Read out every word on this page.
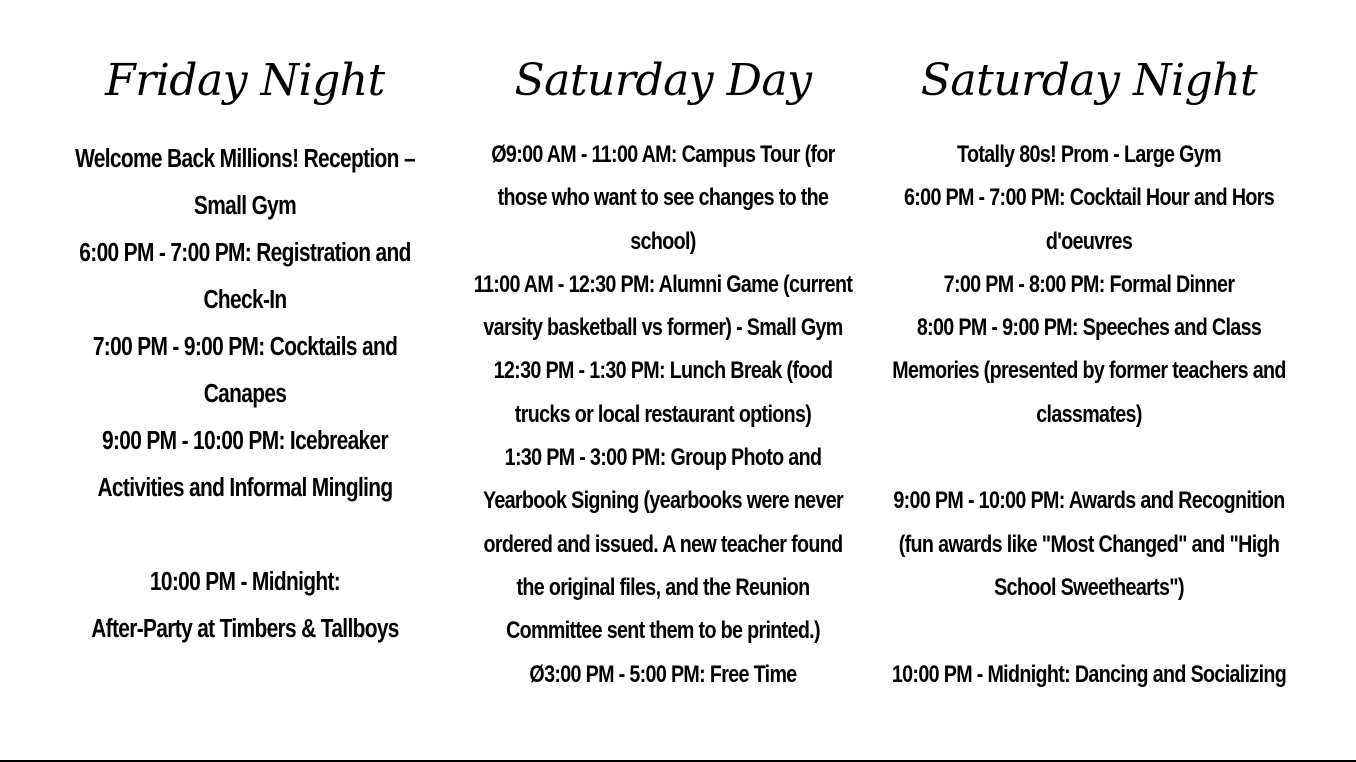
Friday Night
Welcome Back Millions! Reception –
Small Gym
6:00 PM - 7:00 PM: Registration and
Check-In
7:00 PM - 9:00 PM: Cocktails and
Canapes
9:00 PM - 10:00 PM: Icebreaker
Activities and Informal Mingling
10:00 PM - Midnight:
After-Party at Timbers & Tallboys
Saturday Day
Ø9:00 AM - 11:00 AM: Campus Tour (for
those who want to see changes to the
school)
11:00 AM - 12:30 PM: Alumni Game (current
varsity basketball vs former) - Small Gym
12:30 PM - 1:30 PM: Lunch Break (food
trucks or local restaurant options)
1:30 PM - 3:00 PM: Group Photo and
Yearbook Signing (yearbooks were never
ordered and issued. A new teacher found
the original files, and the Reunion
Committee sent them to be printed.)
Ø3:00 PM - 5:00 PM: Free Time
Saturday Night
Totally 80s! Prom - Large Gym
6:00 PM - 7:00 PM: Cocktail Hour and Hors
d'oeuvres
7:00 PM - 8:00 PM: Formal Dinner
8:00 PM - 9:00 PM: Speeches and Class
Memories (presented by former teachers and
classmates)
9:00 PM - 10:00 PM: Awards and Recognition
(fun awards like "Most Changed" and "High
School Sweethearts")
10:00 PM - Midnight: Dancing and Socializing
